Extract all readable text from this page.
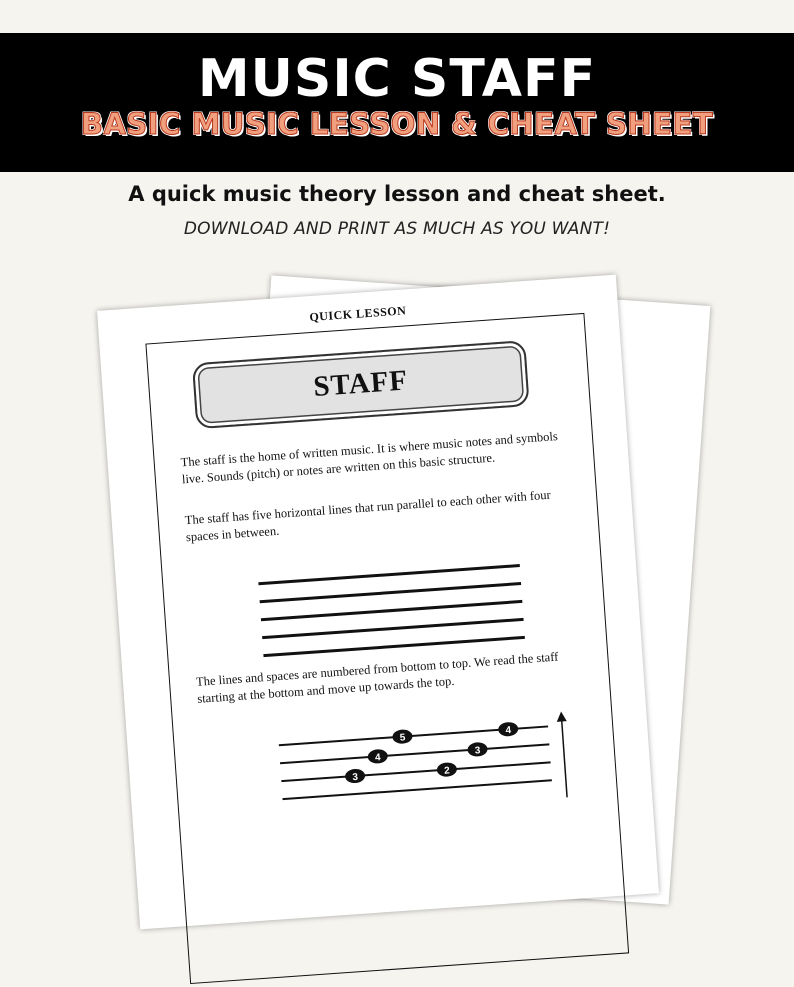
MUSIC STAFF
BASIC MUSIC LESSON & CHEAT SHEET
A quick music theory lesson and cheat sheet.
DOWNLOAD AND PRINT AS MUCH AS YOU WANT!
QUICK LESSON
STAFF

The staff is the home of written music. It is where music notes and symbols live. Sounds (pitch) or notes are written on this basic structure.

The staff has five horizontal lines that run parallel to each other with four spaces in between.

The lines and spaces are numbered from bottom to top. We read the staff starting at the bottom and move up towards the top.

5
4
4
3
3
2
